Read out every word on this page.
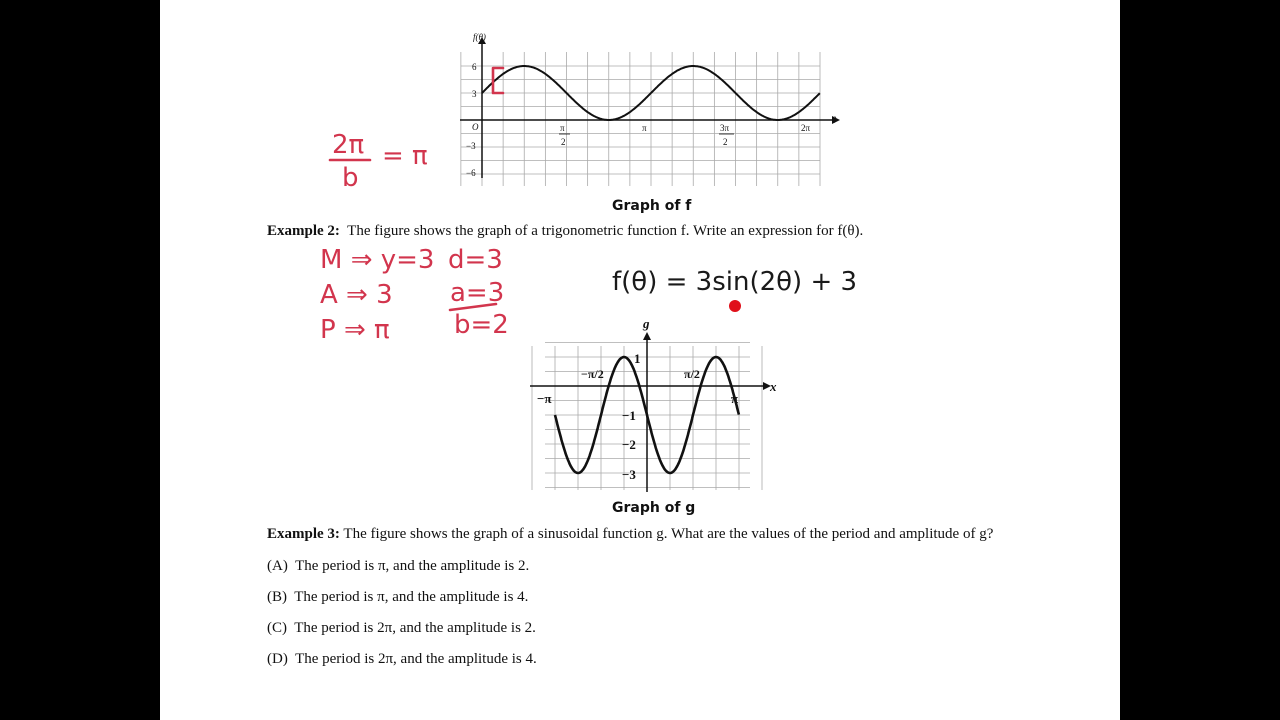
f(θ)
θ
O
6
3
−3
−6
π
2
π	3π
2
2π
2π
b
= π
Graph of f
Example 2: The figure shows the graph of a trigonometric function f. Write an expression for f(θ).
M ⇒ y=3
A ⇒ 3
P ⇒ π
d=3
a=3
b=2
f(θ) = 3sin(2θ) + 3
g
x
1
−1
−2
−3
−π
−π/2	π/2
π
Graph of g
Example 3: The figure shows the graph of a sinusoidal function g. What are the values of the period and amplitude of g?
(A) The period is π, and the amplitude is 2.
(B) The period is π, and the amplitude is 4.
(C) The period is 2π, and the amplitude is 2.
(D) The period is 2π, and the amplitude is 4.
